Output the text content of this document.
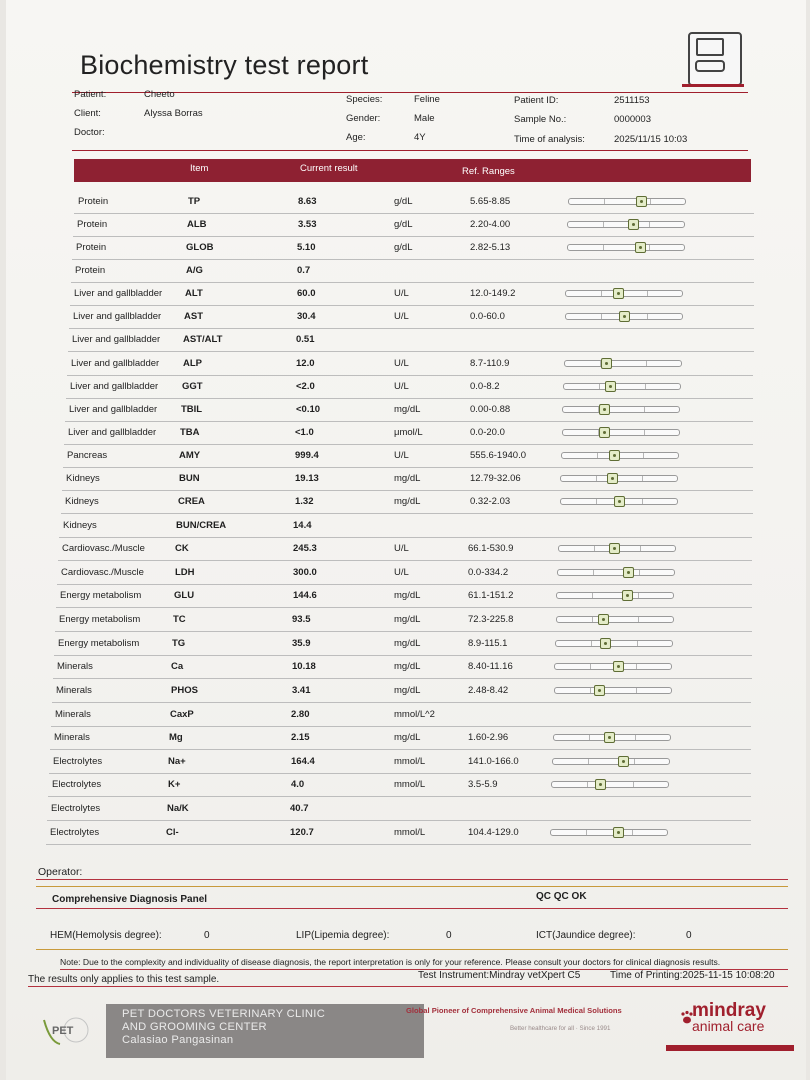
Biochemistry test report
Patient:	Cheeto
Client:	Alyssa Borras
Doctor:
Species:	Feline
Gender:	Male
Age:	4Y
Patient ID:	2511153
Sample No.:	0000003
Time of analysis:	2025/11/15 10:03
Item	Current result	Ref. Ranges
Protein	TP	8.63	g/dL	5.65-8.85
Protein	ALB	3.53	g/dL	2.20-4.00
Protein	GLOB	5.10	g/dL	2.82-5.13
Protein	A/G	0.7
Liver and gallbladder ALT	60.0	U/L	12.0-149.2
Liver and gallbladder AST	30.4	U/L	0.0-60.0
Liver and gallbladder AST/ALT	0.51
Liver and gallbladder	ALP	12.0	U/L	8.7-110.9
Liver and gallbladder	GGT	<2.0	U/L	0.0-8.2
Liver and gallbladder	TBIL	<0.10	mg/dL	0.00-0.88
Liver and gallbladder	TBA	<1.0	μmol/L	0.0-20.0
Pancreas	AMY	999.4	U/L	555.6-1940.0
Kidneys	BUN	19.13	mg/dL	12.79-32.06
Kidneys	CREA	1.32	mg/dL	0.32-2.03
Kidneys	BUN/CREA	14.4
Cardiovasc./Muscle	CK	245.3	U/L	66.1-530.9
Cardiovasc./Muscle	LDH	300.0	U/L	0.0-334.2
Energy metabolism	GLU	144.6	mg/dL	61.1-151.2
Energy metabolism	TC	93.5	mg/dL	72.3-225.8
Energy metabolism	TG	35.9	mg/dL	8.9-115.1
Minerals	Ca	10.18	mg/dL	8.40-11.16
Minerals	PHOS	3.41	mg/dL	2.48-8.42
Minerals	CaxP	2.80	mmol/L^2
Minerals	Mg	2.15	mg/dL	1.60-2.96
Electrolytes	Na+	164.4	mmol/L	141.0-166.0
Electrolytes	K+	4.0	mmol/L	3.5-5.9
Electrolytes	Na/K	40.7
Electrolytes	Cl-	120.7	mmol/L	104.4-129.0
Operator:
Comprehensive Diagnosis Panel	QC QC OK
HEM(Hemolysis degree):	0	LIP(Lipemia degree):	0	ICT(Jaundice degree):	0
Note: Due to the complexity and individuality of disease diagnosis, the report interpretation is only for your reference. Please consult your doctors for clinical diagnosis results.
The results only applies to this test sample.	Test Instrument:Mindray vetXpert C5	Time of Printing:2025-11-15 10:08:20
PET
PET DOCTORS VETERINARY CLINIC
AND GROOMING CENTER
Calasiao Pangasinan
Global Pioneer of Comprehensive Animal Medical Solutions
Better healthcare for all · Since 1991
mindray
animal care
